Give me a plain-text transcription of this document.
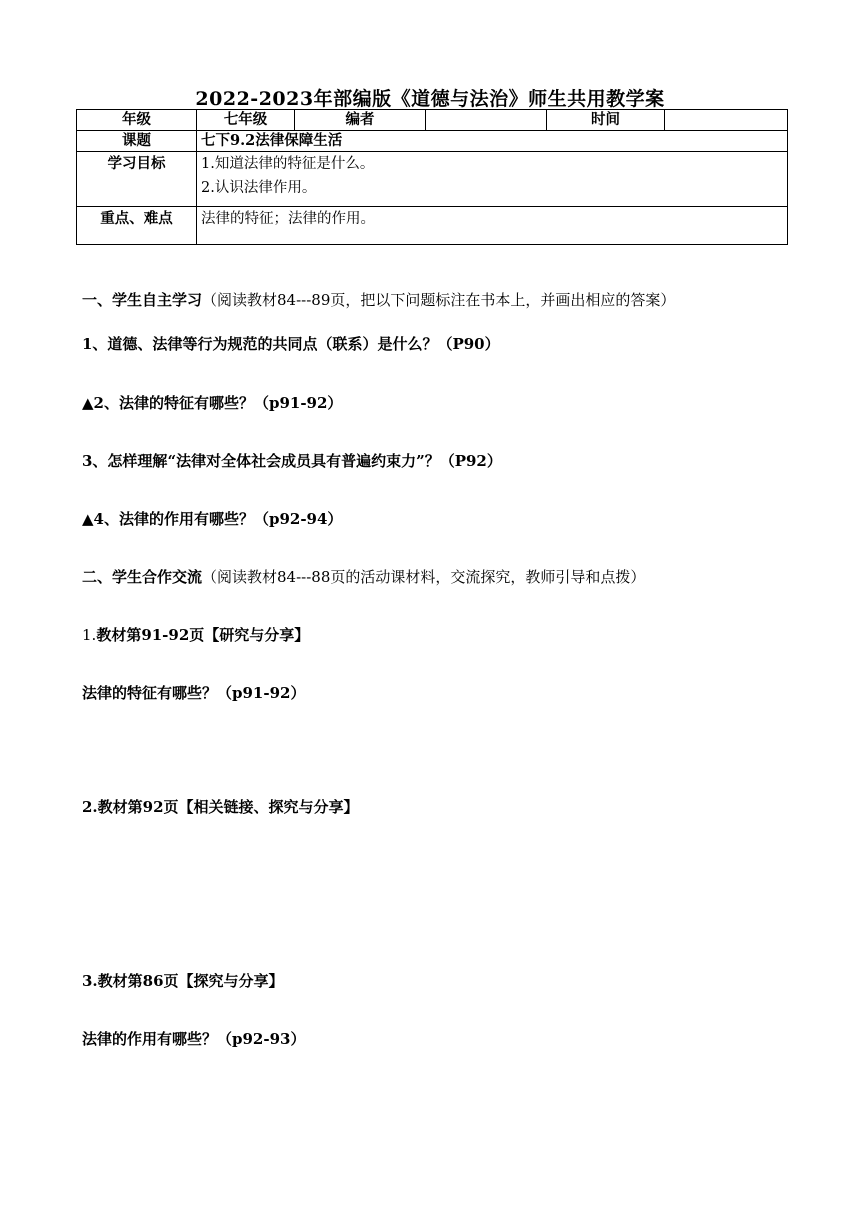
2022-2023年部编版《道德与法治》师生共用教学案
年级	七年级	编者		时间	
课题	七下9.2法律保障生活				
学习目标	1.知道法律的特征是什么。
2.认识法律作用。				

重点、难点	法律的特征；法律的作用。				
一、学生自主学习（阅读教材84---89页，把以下问题标注在书本上，并画出相应的答案）
1、道德、法律等行为规范的共同点（联系）是什么？（P90）
▲2、法律的特征有哪些？（p91-92）
3、怎样理解“法律对全体社会成员具有普遍约束力”？（P92）
▲4、法律的作用有哪些？（p92-94）
二、学生合作交流（阅读教材84---88页的活动课材料，交流探究，教师引导和点拨）
1.教材第91-92页【研究与分享】
法律的特征有哪些？（p91-92）
2.教材第92页【相关链接、探究与分享】
3.教材第86页【探究与分享】
法律的作用有哪些？（p92-93）
